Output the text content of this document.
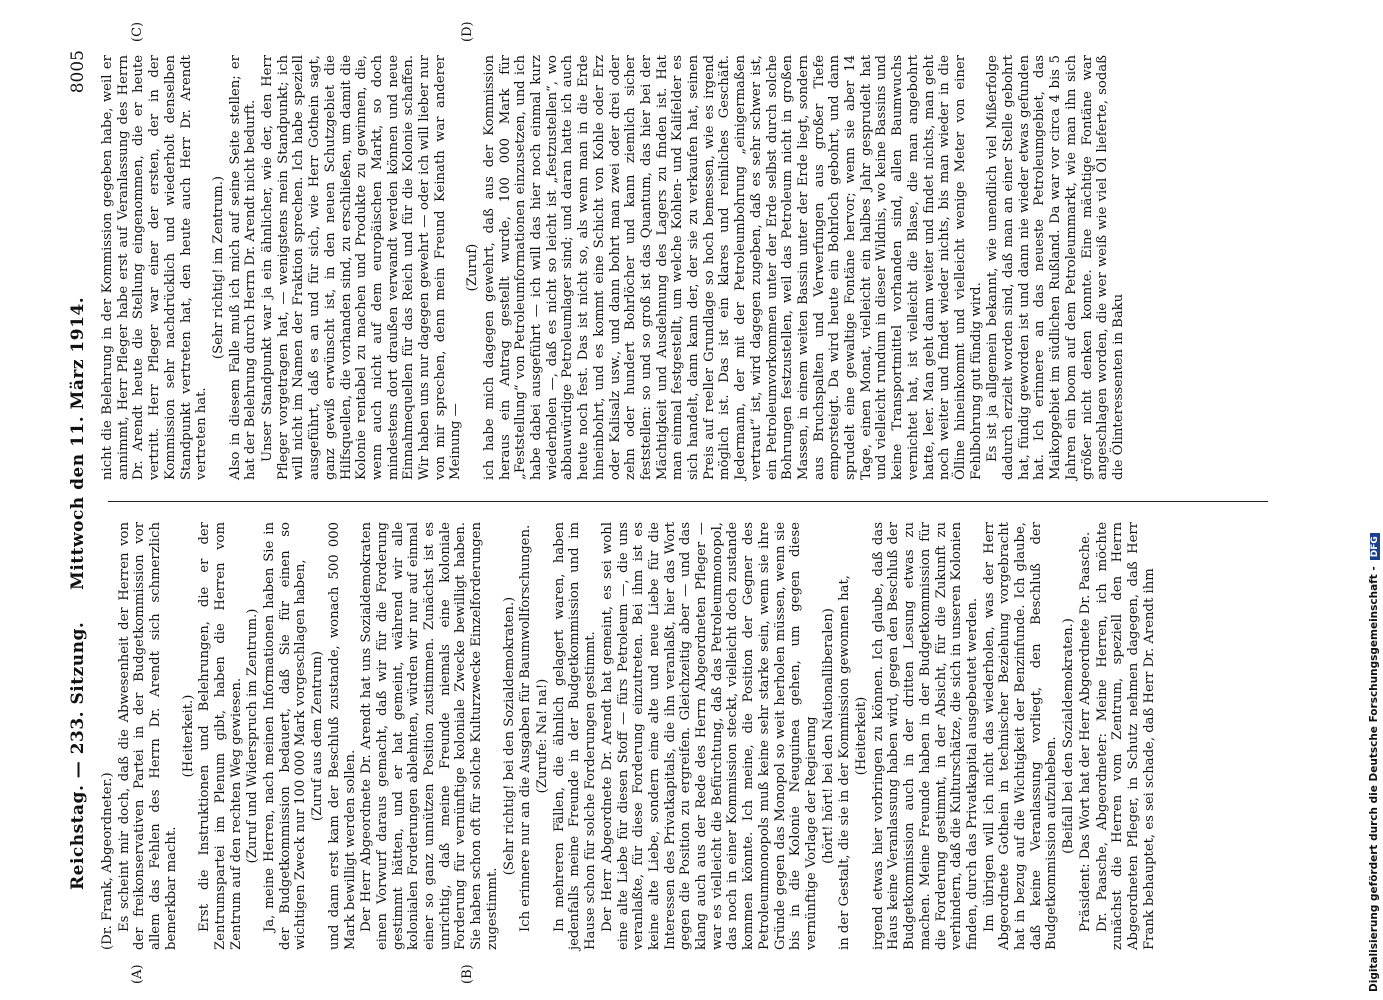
Reichstag. — 233. Sitzung.
Mittwoch den 11. März 1914.
8005
(A)	(B)
(C)	(D)

(Dr. Frank, Abgeordneter.) Es scheint mir doch, daß die Abwesenheit der Herren von der freikonservativen Partei in der Budgetkommission vor allem das Fehlen des Herrn Dr. Arendt sich schmerzlich bemerkbar macht.

(Heiterkeit.) Erst die Instruktionen und Belehrungen, die er der Zentrumspartei im Plenum gibt, haben die Herren vom Zentrum auf den rechten Weg gewiesen. (Zuruf und Widerspruch im Zentrum.) Ja, meine Herren, nach meinen Informationen haben Sie in der Budgetkommission bedauert, daß Sie für einen so wichtigen Zweck nur 100 000 Mark vorgeschlagen haben, (Zuruf aus dem Zentrum) und dann erst kam der Beschluß zustande, wonach 500 000 Mark bewilligt werden sollen. Der Herr Abgeordnete Dr. Arendt hat uns Sozialdemokraten einen Vorwurf daraus gemacht, daß wir für die Forderung gestimmt hätten, und er hat gemeint, während wir alle kolonialen Forderungen ablehnten, würden wir nur auf einmal einer so ganz unnützen Position zustimmen. Zunächst ist es unrichtig, daß meine Freunde niemals eine koloniale Forderung für vernünftige koloniale Zwecke bewilligt haben. Sie haben schon oft für solche Kulturzwecke Einzelforderungen zugestimmt.

(Sehr richtig! bei den Sozialdemokraten.) Ich erinnere nur an die Ausgaben für Baumwollforschungen. (Zurufe: Na! na!) In mehreren Fällen, die ähnlich gelagert waren, haben jedenfalls meine Freunde in der Budgetkommission und im Hause schon für solche Forderungen gestimmt. Der Herr Abgeordnete Dr. Arendt hat gemeint, es sei wohl eine alte Liebe für diesen Stoff — fürs Petroleum —, die uns veranlaßte, für diese Forderung einzutreten. Bei ihm ist es keine alte Liebe, sondern eine alte und neue Liebe für die Interessen des Privatkapitals, die ihn veranlaßt, hier das Wort gegen die Position zu ergreifen. Gleichzeitig aber — und das klang auch aus der Rede des Herrn Abgeordneten Pfleger — war es vielleicht die Befürchtung, daß das Petroleummonopol, das noch in einer Kommission steckt, vielleicht doch zustande kommen könnte. Ich meine, die Position der Gegner des Petroleummonopols muß keine sehr starke sein, wenn sie ihre Gründe gegen das Monopol so weit herholen müssen, wenn sie bis in die Kolonie Neuguinea gehen, um gegen diese vernünftige Vorlage der Regierung (hört! hört! bei den Nationalliberalen) in der Gestalt, die sie in der Kommission gewonnen hat, (Heiterkeit) irgend etwas hier vorbringen zu können. Ich glaube, daß das Haus keine Veranlassung haben wird, gegen den Beschluß der Budgetkommission auch in der dritten Lesung etwas zu machen. Meine Freunde haben in der Budgetkommission für die Forderung gestimmt, in der Absicht, für die Zukunft zu verhindern, daß die Kulturschätze, die sich in unseren Kolonien finden, durch das Privatkapital ausgebeutet werden. Im übrigen will ich nicht das wiederholen, was der Herr Abgeordnete Gothein in technischer Beziehung vorgebracht hat in bezug auf die Wichtigkeit der Benzinfunde. Ich glaube, daß keine Veranlassung vorliegt, den Beschluß der Budgetkommission aufzuheben. (Beifall bei den Sozialdemokraten.) Präsident: Das Wort hat der Herr Abgeordnete Dr. Paasche. Dr. Paasche, Abgeordneter: Meine Herren, ich möchte zunächst die Herren vom Zentrum, speziell den Herrn Abgeordneten Pfleger, in Schutz nehmen dagegen, daß Herr Frank behauptet, es sei schade, daß Herr Dr. Arendt ihm

nicht die Belehrung in der Kommission gegeben habe, weil er annimmt, Herr Pfleger habe erst auf Veranlassung des Herrn Dr. Arendt heute die Stellung eingenommen, die er heute vertritt. Herr Pfleger war einer der ersten, der in der Kommission sehr nachdrücklich und wiederholt denselben Standpunkt vertreten hat, den heute auch Herr Dr. Arendt vertreten hat.

(Sehr richtig! im Zentrum.) Also in diesem Falle muß ich mich auf seine Seite stellen; er hat der Belehrung durch Herrn Dr. Arendt nicht bedurft. Unser Standpunkt war ja ein ähnlicher, wie der, den Herr Pfleger vorgetragen hat, — wenigstens mein Standpunkt; ich will nicht im Namen der Fraktion sprechen. Ich habe speziell ausgeführt, daß es an und für sich, wie Herr Gothein sagt, ganz gewiß erwünscht ist, in den neuen Schutzgebiet die Hilfsquellen, die vorhanden sind, zu erschließen, um damit die Kolonie rentabel zu machen und Produkte zu gewinnen, die, wenn auch nicht auf dem europäischen Markt, so doch mindestens dort draußen verwandt werden können und neue Einnahmequellen für das Reich und für die Kolonie schaffen. Wir haben uns nur dagegen gewehrt — oder ich will lieber nur von mir sprechen, denn mein Freund Keinath war anderer Meinung —

(Zuruf) ich habe mich dagegen gewehrt, daß aus der Kommission heraus ein Antrag gestellt wurde, 100 000 Mark für „Feststellung“ von Petroleumformationen einzusetzen, und ich habe dabei ausgeführt — ich will das hier noch einmal kurz wiederholen —, daß es nicht so leicht ist „festzustellen“, wo abbauwürdige Petroleumlager sind; und daran hatte ich auch heute noch fest. Das ist nicht so, als wenn man in die Erde hineinbohrt, und es kommt eine Schicht von Kohle oder Erz oder Kalisalz usw., und dann bohrt man zwei oder drei oder zehn oder hundert Bohrlöcher und kann ziemlich sicher feststellen: so und so groß ist das Quantum, das hier bei der Mächtigkeit und Ausdehnung des Lagers zu finden ist. Hat man einmal festgestellt, um welche Kohlen- und Kalifelder es sich handelt, dann kann der, der sie zu verkaufen hat, seinen Preis auf reeller Grundlage so hoch bemessen, wie es irgend möglich ist. Das ist ein klares und reinliches Geschäft. Jedermann, der mit der Petroleumbohrung „einigermaßen vertraut“ ist, wird dagegen zugeben, daß es sehr schwer ist, ein Petroleumvorkommen unter der Erde selbst durch solche Bohrungen festzustellen, weil das Petroleum nicht in großen Massen, in einem weiten Bassin unter der Erde liegt, sondern aus Bruchspalten und Verwerfungen aus großer Tiefe emporsteigt. Da wird heute ein Bohrloch gebohrt, und dann sprudelt eine gewaltige Fontäne hervor; wenn sie aber 14 Tage, einen Monat, vielleicht ein halbes Jahr gesprudelt hat und vielleicht rundum in dieser Wildnis, wo keine Bassins und keine Transportmittel vorhanden sind, allen Baumwuchs vernichtet hat, ist vielleicht die Blase, die man angebohrt hatte, leer. Man geht dann weiter und findet nichts, man geht noch weiter und findet wieder nichts, bis man wieder in die Ölline hineinkommt und vielleicht wenige Meter von einer Fehlbohrung gut fündig wird. Es ist ja allgemein bekannt, wie unendlich viel Mißerfolge dadurch erzielt worden sind, daß man an einer Stelle gebohrt hat, fündig geworden ist und dann nie wieder etwas gefunden hat. Ich erinnere an das neueste Petroleumgebiet, das Maikopgebiet im südlichen Rußland. Da war vor circa 4 bis 5 Jahren ein boom auf dem Petroleummarkt, wie man ihn sich größer nicht denken konnte. Eine mächtige Fontäne war angeschlagen worden, die wer weiß wie viel Öl lieferte, sodaß die Ölinteressenten in Baku

Digitalisierung gefördert durch die Deutsche Forschungsgemeinschaft -DFG
